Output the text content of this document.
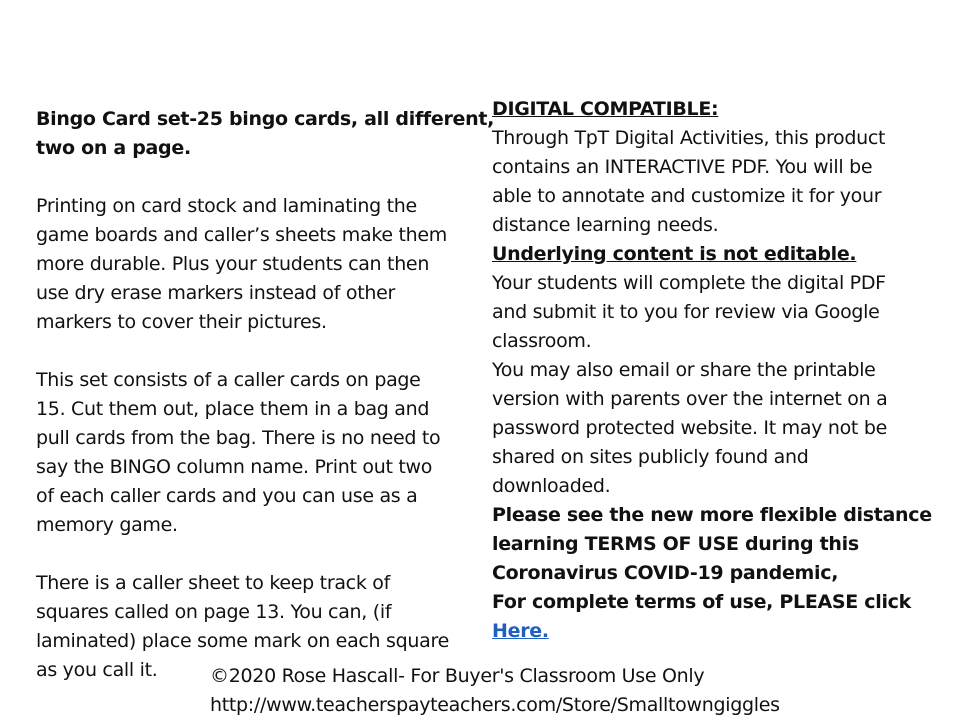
Bingo Card set-25 bingo cards, all different,
two on a page.
Printing on card stock and laminating the
game boards and caller’s sheets make them
more durable. Plus your students can then
use dry erase markers instead of other
markers to cover their pictures.
This set consists of a caller cards on page
15. Cut them out, place them in a bag and
pull cards from the bag. There is no need to
say the BINGO column name. Print out two
of each caller cards and you can use as a
memory game.
There is a caller sheet to keep track of
squares called on page 13. You can, (if
laminated) place some mark on each square
as you call it.
DIGITAL COMPATIBLE:
Through TpT Digital Activities, this product
contains an INTERACTIVE PDF. You will be
able to annotate and customize it for your
distance learning needs.
Underlying content is not editable.
Your students will complete the digital PDF
and submit it to you for review via Google
classroom.
You may also email or share the printable
version with parents over the internet on a
password protected website. It may not be
shared on sites publicly found and
downloaded.
Please see the new more flexible distance
learning TERMS OF USE during this
Coronavirus COVID-19 pandemic,
For complete terms of use, PLEASE click
Here.
©2020 Rose Hascall- For Buyer's Classroom Use Only
http://www.teacherspayteachers.com/Store/Smalltowngiggles
